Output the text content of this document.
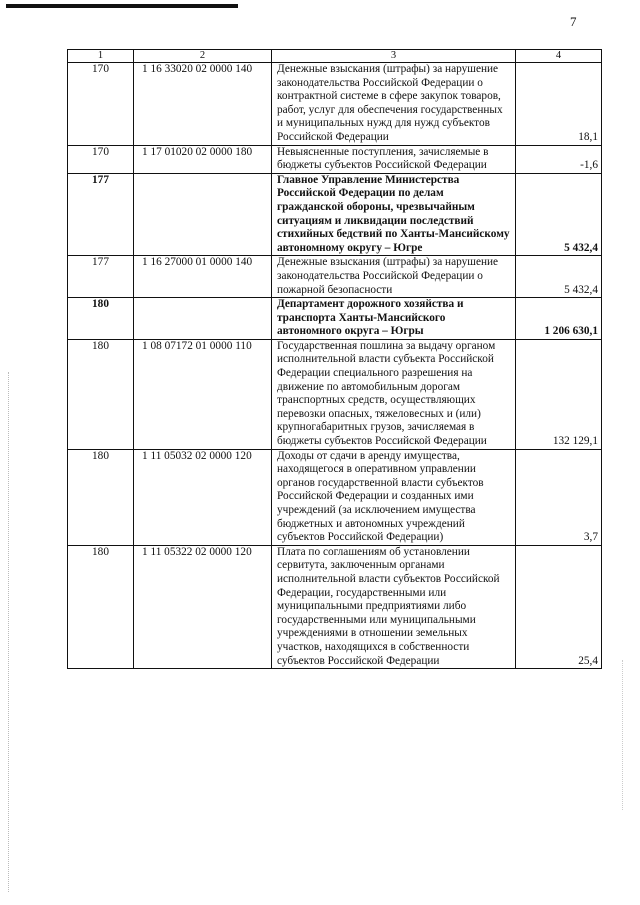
7
1	2	3	4
170	1 16 33020 02 0000 140	Денежные взыскания (штрафы) за нарушение законодательства Российской Федерации о контрактной системе в сфере закупок товаров, работ, услуг для обеспечения государственных и муниципальных нужд для нужд субъектов Российской Федерации	18,1
170	1 17 01020 02 0000 180	Невыясненные поступления, зачисляемые в бюджеты субъектов Российской Федерации	-1,6
177		Главное Управление Министерства Российской Федерации по делам гражданской обороны, чрезвычайным ситуациям и ликвидации последствий стихийных бедствий по Ханты-Мансийскому автономному округу – Югре	5 432,4
177	1 16 27000 01 0000 140	Денежные взыскания (штрафы) за нарушение законодательства Российской Федерации о пожарной безопасности	5 432,4
180		Департамент дорожного хозяйства и транспорта Ханты-Мансийского автономного округа – Югры	1 206 630,1
180	1 08 07172 01 0000 110	Государственная пошлина за выдачу органом исполнительной власти субъекта Российской Федерации специального разрешения на движение по автомобильным дорогам транспортных средств, осуществляющих перевозки опасных, тяжеловесных и (или) крупногабаритных грузов, зачисляемая в бюджеты субъектов Российской Федерации	132 129,1
180	1 11 05032 02 0000 120	Доходы от сдачи в аренду имущества, находящегося в оперативном управлении органов государственной власти субъектов Российской Федерации и созданных ими учреждений (за исключением имущества бюджетных и автономных учреждений субъектов Российской Федерации)	3,7
180	1 11 05322 02 0000 120	Плата по соглашениям об установлении сервитута, заключенным органами исполнительной власти субъектов Российской Федерации, государственными или муниципальными предприятиями либо государственными или муниципальными учреждениями в отношении земельных участков, находящихся в собственности субъектов Российской Федерации	25,4
